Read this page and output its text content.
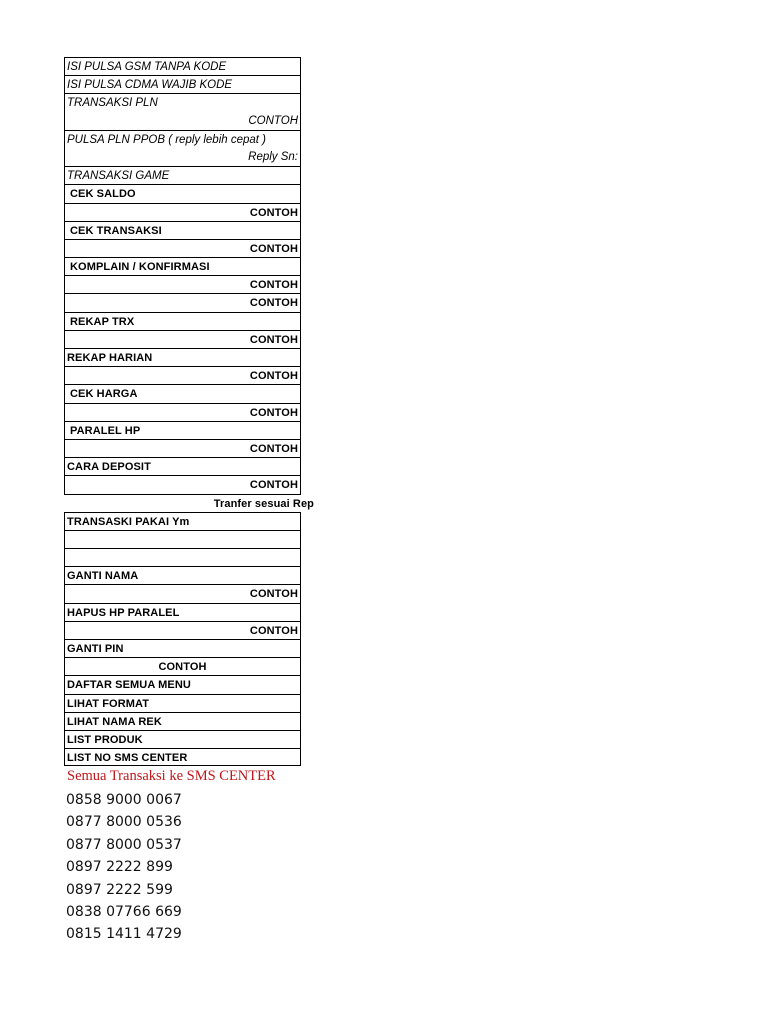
ISI PULSA GSM TANPA KODE
ISI PULSA CDMA WAJIB KODE
TRANSAKSI PLN
CONTOH
PULSA PLN PPOB ( reply lebih cepat )
Reply Sn:
TRANSAKSI GAME
CEK SALDO
CONTOH
CEK TRANSAKSI
CONTOH
KOMPLAIN / KONFIRMASI
CONTOH
CONTOH
REKAP TRX
CONTOH
REKAP HARIAN
CONTOH
CEK HARGA
CONTOH
PARALEL HP
CONTOH
CARA DEPOSIT
CONTOH
Tranfer sesuai Rep
TRANSASKI PAKAI Ym
GANTI NAMA
CONTOH
HAPUS HP PARALEL
CONTOH
GANTI PIN
CONTOH
DAFTAR SEMUA MENU
LIHAT FORMAT
LIHAT NAMA REK
LIST PRODUK
LIST NO SMS CENTER
Semua Transaksi ke SMS CENTER
0858 9000 0067
0877 8000 0536
0877 8000 0537
0897 2222 899
0897 2222 599
0838 07766 669
0815 1411 4729
